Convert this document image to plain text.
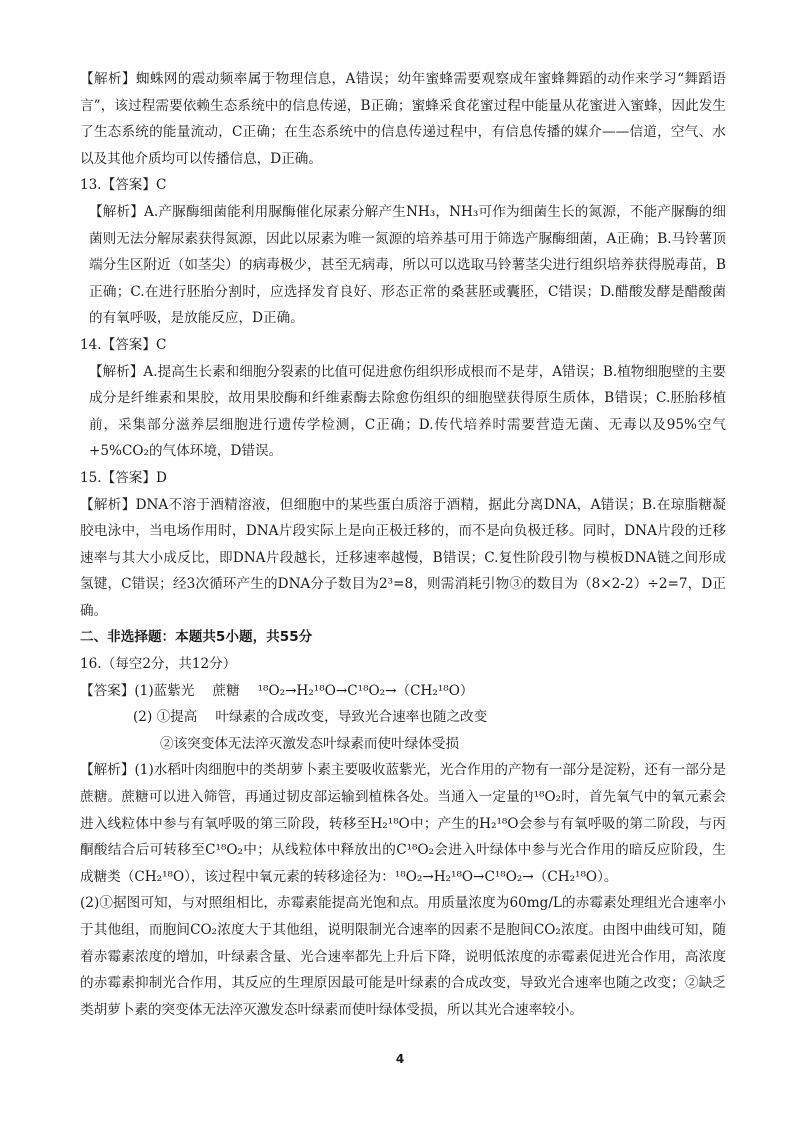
【解析】蜘蛛网的震动频率属于物理信息，A错误；幼年蜜蜂需要观察成年蜜蜂舞蹈的动作来学习“舞蹈语言”，该过程需要依赖生态系统中的信息传递，B正确；蜜蜂采食花蜜过程中能量从花蜜进入蜜蜂，因此发生了生态系统的能量流动，C正确；在生态系统中的信息传递过程中，有信息传播的媒介——信道，空气、水以及其他介质均可以传播信息，D正确。

13.【答案】C

【解析】A.产脲酶细菌能利用脲酶催化尿素分解产生NH₃，NH₃可作为细菌生长的氮源，不能产脲酶的细菌则无法分解尿素获得氮源，因此以尿素为唯一氮源的培养基可用于筛选产脲酶细菌，A正确；B.马铃薯顶端分生区附近（如茎尖）的病毒极少，甚至无病毒，所以可以选取马铃薯茎尖进行组织培养获得脱毒苗，B正确；C.在进行胚胎分割时，应选择发育良好、形态正常的桑葚胚或囊胚，C错误；D.醋酸发酵是醋酸菌的有氧呼吸，是放能反应，D正确。

14.【答案】C

【解析】A.提高生长素和细胞分裂素的比值可促进愈伤组织形成根而不是芽，A错误；B.植物细胞壁的主要成分是纤维素和果胶，故用果胶酶和纤维素酶去除愈伤组织的细胞壁获得原生质体，B错误；C.胚胎移植前，采集部分滋养层细胞进行遗传学检测，C正确；D.传代培养时需要营造无菌、无毒以及95%空气+5%CO₂的气体环境，D错误。

15.【答案】D

【解析】DNA不溶于酒精溶液，但细胞中的某些蛋白质溶于酒精，据此分离DNA，A错误；B.在琼脂糖凝胶电泳中，当电场作用时，DNA片段实际上是向正极迁移的，而不是向负极迁移。同时，DNA片段的迁移速率与其大小成反比，即DNA片段越长，迁移速率越慢，B错误；C.复性阶段引物与模板DNA链之间形成氢键，C错误；经3次循环产生的DNA分子数目为2³=8，则需消耗引物③的数目为（8×2-2）÷2=7，D正确。

二、非选择题：本题共5小题，共55分

16.（每空2分，共12分）

【答案】(1)蓝紫光 蔗糖 ¹⁸O₂→H₂¹⁸O→C¹⁸O₂→（CH₂¹⁸O）
(2) ①提高 叶绿素的合成改变，导致光合速率也随之改变
②该突变体无法淬灭激发态叶绿素而使叶绿体受损

【解析】(1)水稻叶肉细胞中的类胡萝卜素主要吸收蓝紫光，光合作用的产物有一部分是淀粉，还有一部分是蔗糖。蔗糖可以进入筛管，再通过韧皮部运输到植株各处。当通入一定量的¹⁸O₂时，首先氧气中的氧元素会进入线粒体中参与有氧呼吸的第三阶段，转移至H₂¹⁸O中；产生的H₂¹⁸O会参与有氧呼吸的第二阶段，与丙酮酸结合后可转移至C¹⁸O₂中；从线粒体中释放出的C¹⁸O₂会进入叶绿体中参与光合作用的暗反应阶段，生成糖类（CH₂¹⁸O），该过程中氧元素的转移途径为：¹⁸O₂→H₂¹⁸O→C¹⁸O₂→（CH₂¹⁸O）。

(2)①据图可知，与对照组相比，赤霉素能提高光饱和点。用质量浓度为60mg/L的赤霉素处理组光合速率小于其他组，而胞间CO₂浓度大于其他组，说明限制光合速率的因素不是胞间CO₂浓度。由图中曲线可知，随着赤霉素浓度的增加，叶绿素含量、光合速率都先上升后下降，说明低浓度的赤霉素促进光合作用，高浓度的赤霉素抑制光合作用，其反应的生理原因最可能是叶绿素的合成改变，导致光合速率也随之改变；②缺乏类胡萝卜素的突变体无法淬灭激发态叶绿素而使叶绿体受损，所以其光合速率较小。

4
